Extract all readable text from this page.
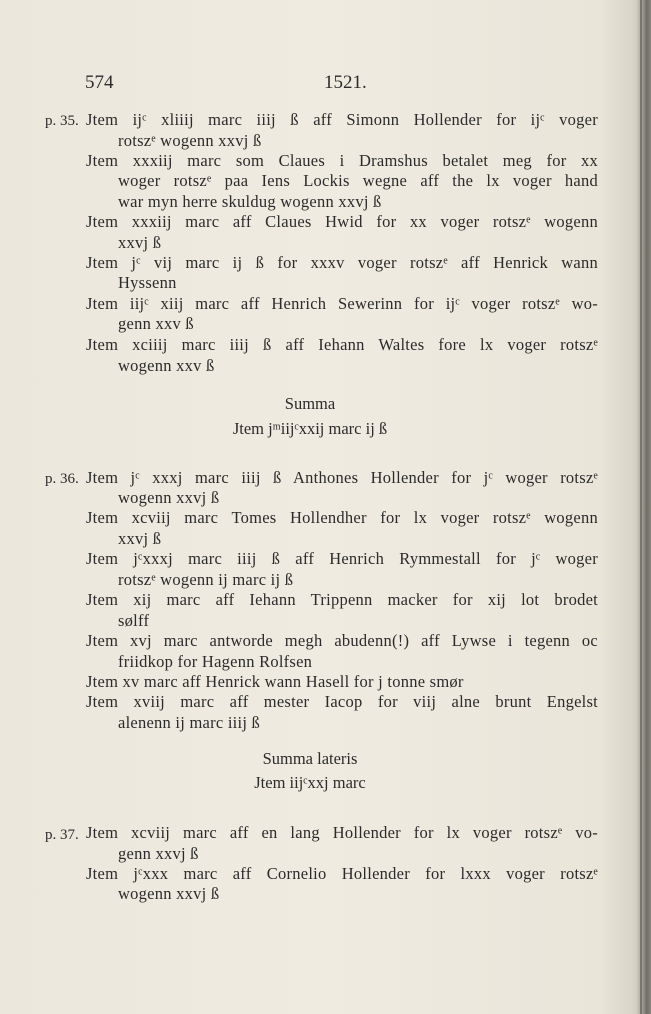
574	1521.
p. 35. Jtem ijᶜ xliiij marc iiij ß aff Simonn Hollender for ijᶜ voger
rotszᵉ wogenn xxvj ß
Jtem xxxiij marc som Claues i Dramshus betalet meg for xx
woger rotszᵉ paa Iens Lockis wegne aff the lx voger hand
war myn herre skuldug wogenn xxvj ß
Jtem xxxiij marc aff Claues Hwid for xx voger rotszᵉ wogenn
xxvj ß
Jtem jᶜ vij marc ij ß for xxxv voger rotszᵉ aff Henrick wann
Hyssenn
Jtem iijᶜ xiij marc aff Henrich Sewerinn for ijᶜ voger rotszᵉ wo-
genn xxv ß
Jtem xciiij marc iiij ß aff Iehann Waltes fore lx voger rotszᵉ
wogenn xxv ß
Summa
Jtem jᵐiijᶜxxij marc ij ß
p. 36. Jtem jᶜ xxxj marc iiij ß Anthones Hollender for jᶜ woger rotszᵉ
wogenn xxvj ß
Jtem xcviij marc Tomes Hollendher for lx voger rotszᵉ wogenn
xxvj ß
Jtem jᶜxxxj marc iiij ß aff Henrich Rymmestall for jᶜ woger
rotszᵉ wogenn ij marc ij ß
Jtem xij marc aff Iehann Trippenn macker for xij lot brodet
sølff
Jtem xvj marc antworde megh abudenn(!) aff Lywse i tegenn oc
friidkop for Hagenn Rolfsen
Jtem xv marc aff Henrick wann Hasell for j tonne smør
Jtem xviij marc aff mester Iacop for viij alne brunt Engelst
alenenn ij marc iiij ß
Summa lateris
Jtem iijᶜxxj marc
p. 37. Jtem xcviij marc aff en lang Hollender for lx voger rotszᵉ vo-
genn xxvj ß
Jtem jᶜxxx marc aff Cornelio Hollender for lxxx voger rotszᵉ
wogenn xxvj ß
